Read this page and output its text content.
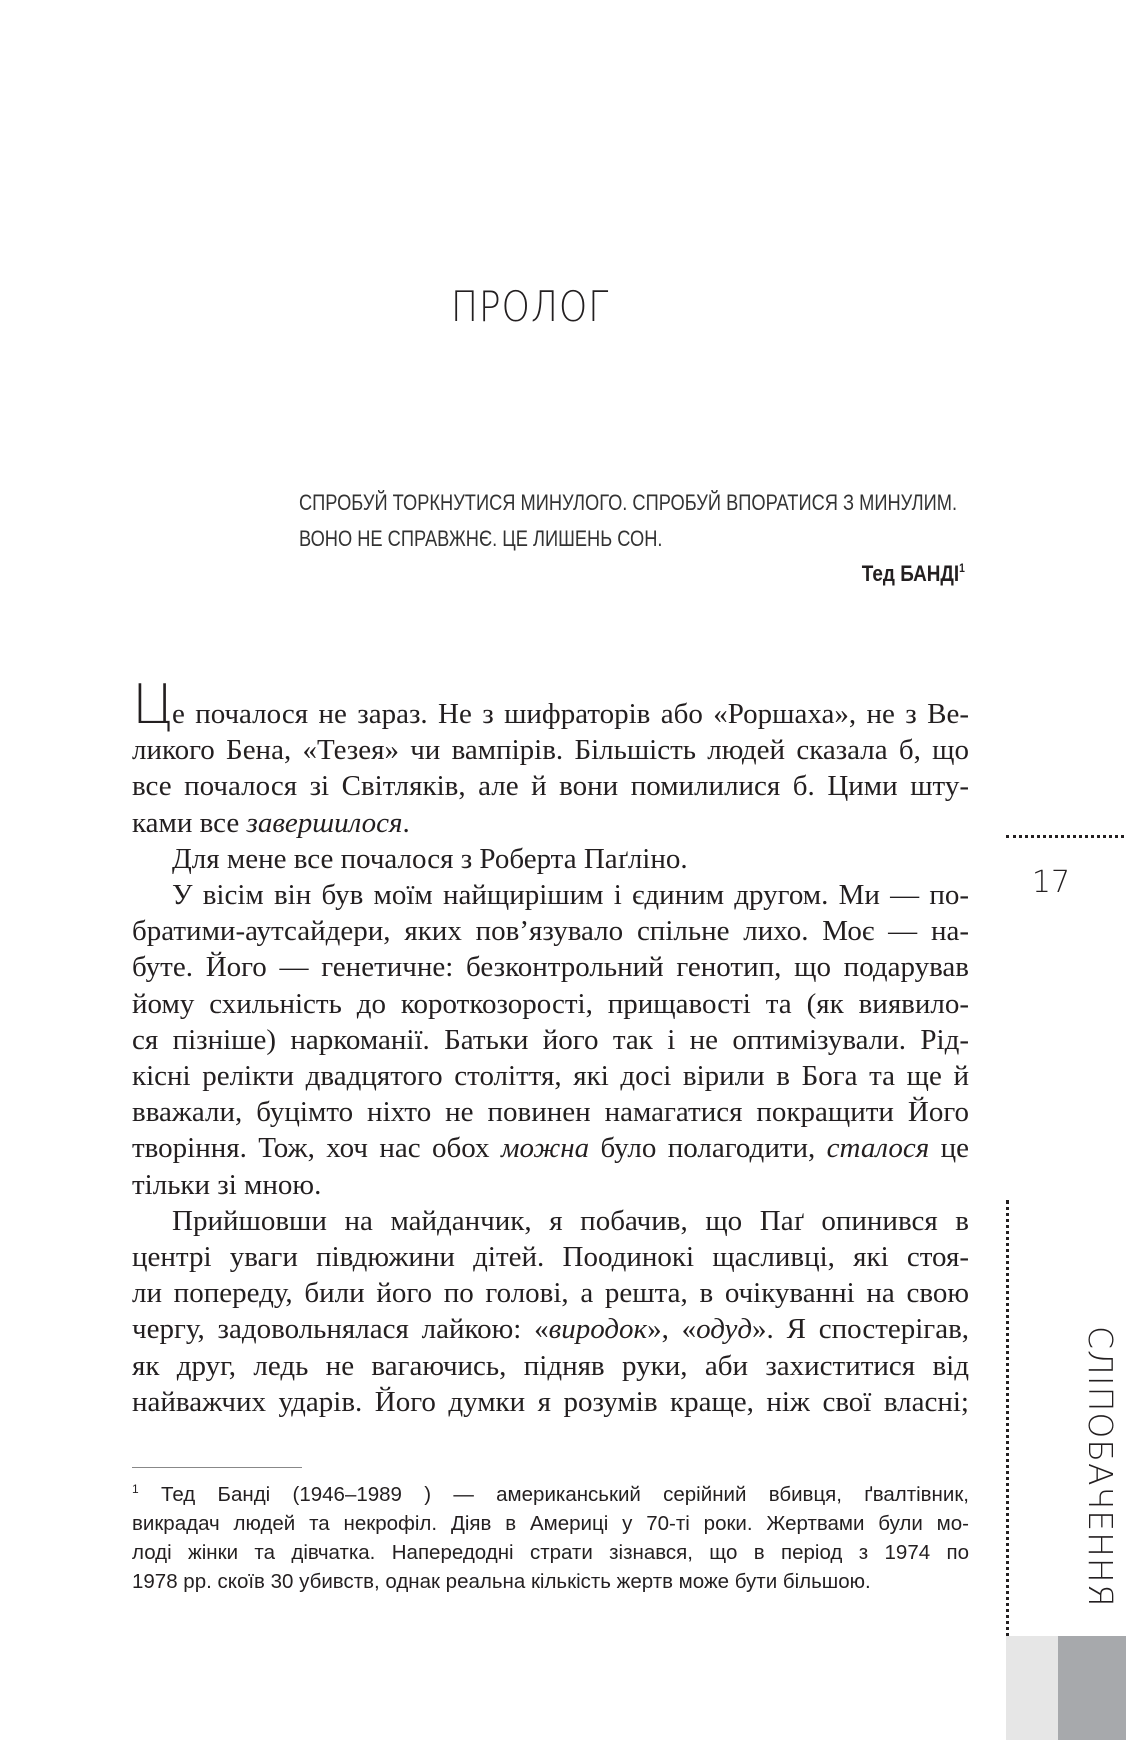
ПРОЛОГ
СПРОБУЙ ТОРКНУТИСЯ МИНУЛОГО. СПРОБУЙ ВПОРАТИСЯ З МИНУЛИМ.
ВОНО НЕ СПРАВЖНЄ. ЦЕ ЛИШЕНЬ СОН.
Тед БАНДІ$^1$
Це почалося не зараз. Не з шифраторів або «Роршаха», не з Ве-
ликого Бена, «Тезея» чи вампірів. Більшість людей сказала б, що
все почалося зі Світляків, але й вони помилилися б. Цими шту-
ками все завершилося.
Для мене все почалося з Роберта Паґліно.
У вісім він був моїм найщирішим і єдиним другом. Ми — по-
братими-аутсайдери, яких пов’язувало спільне лихо. Моє — на-
буте. Його — генетичне: безконтрольний генотип, що подарував
йому схильність до короткозорості, прищавості та (як виявило-
ся пізніше) наркоманії. Батьки його так і не оптимізували. Рід-
кісні релікти двадцятого століття, які досі вірили в Бога та ще й
вважали, буцімто ніхто не повинен намагатися покращити Його
творіння. Тож, хоч нас обох можна було полагодити, сталося це
тільки зі мною.
Прийшовши на майданчик, я побачив, що Паґ опинився в
центрі уваги півдюжини дітей. Поодинокі щасливці, які стоя-
ли попереду, били його по голові, а решта, в очікуванні на свою
чергу, задовольнялася лайкою: «виродок», «одуд». Я спостерігав,
як друг, ледь не вагаючись, підняв руки, аби захиститися від
найважчих ударів. Його думки я розумів краще, ніж свої власні;
$^1$ Тед Банді (1946–1989 ) — американський серійний вбивця, ґвалтівник,
викрадач людей та некрофіл. Діяв в Америці у 70-ті роки. Жертвами були мо-
лоді жінки та дівчатка. Напередодні страти зізнався, що в період з 1974 по
1978 рр. скоїв 30 убивств, однак реальна кількість жертв може бути більшою.
17
СЛІПОБАЧЕННЯ
